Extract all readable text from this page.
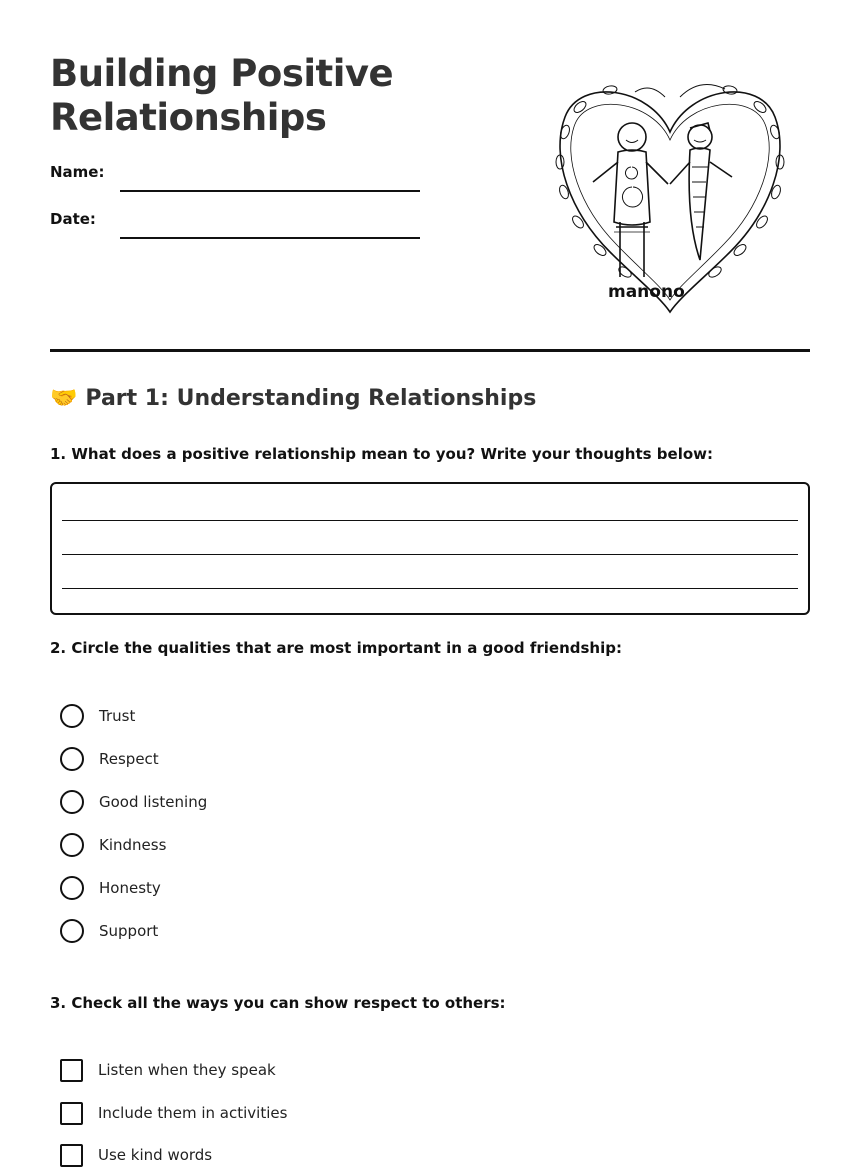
Building Positive Relationships
Name:
Date:
manono
🤝 Part 1: Understanding Relationships
1. What does a positive relationship mean to you? Write your thoughts below:
2. Circle the qualities that are most important in a good friendship:
Trust
Respect
Good listening
Kindness
Honesty
Support
3. Check all the ways you can show respect to others:
Listen when they speak
Include them in activities
Use kind words
